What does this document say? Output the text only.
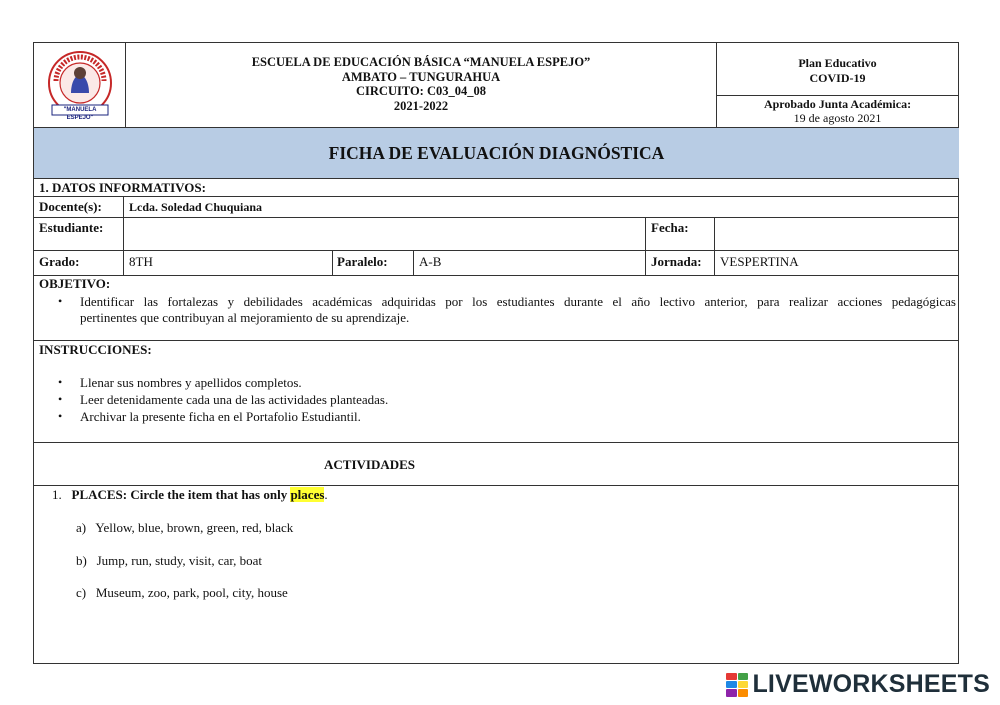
"MANUELA ESPEJO"
ESCUELA DE EDUCACIÓN BÁSICA “MANUELA ESPEJO”
AMBATO – TUNGURAHUA
CIRCUITO: C03_04_08
2021-2022
Plan Educativo
COVID-19
Aprobado Junta Académica:
19 de agosto 2021
FICHA DE EVALUACIÓN DIAGNÓSTICA
1. DATOS INFORMATIVOS:
Docente(s): Lcda. Soledad Chuquiana
Estudiante:	Fecha:
Grado:	8TH	Paralelo: A-B	Jornada: VESPERTINA
OBJETIVO:
• Identificar las fortalezas y debilidades académicas adquiridas por los estudiantes durante el año lectivo anterior, para realizar acciones pedagógicas
pertinentes que contribuyan al mejoramiento de su aprendizaje.
INSTRUCCIONES:
• Llenar sus nombres y apellidos completos.
• Leer detenidamente cada una de las actividades planteadas.
• Archivar la presente ficha en el Portafolio Estudiantil.
ACTIVIDADES
1. PLACES: Circle the item that has only places.
a) Yellow, blue, brown, green, red, black
b) Jump, run, study, visit, car, boat
c) Museum, zoo, park, pool, city, house
LIVEWORKSHEETS
